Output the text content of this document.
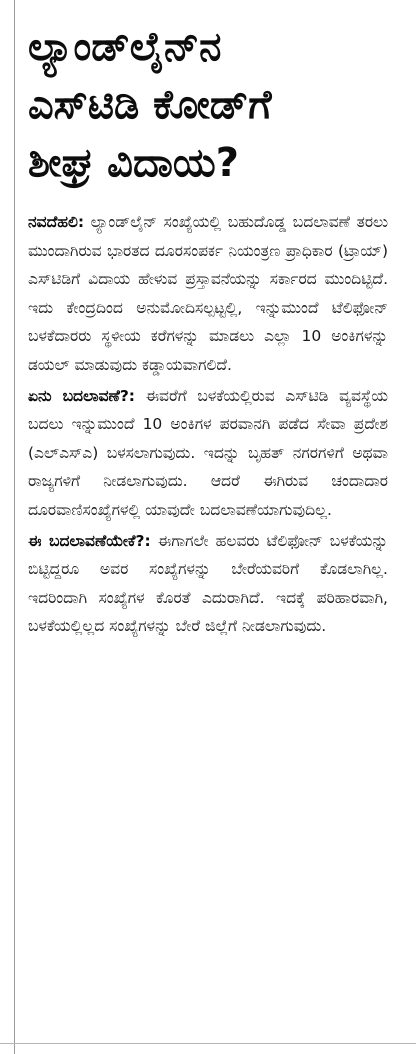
ಲ್ಯಾಂಡ್‌ಲೈನ್‌ನ
ಎಸ್‌ಟಿಡಿ ಕೋಡ್‌ಗೆ
ಶೀಘ್ರ ವಿದಾಯ?

ನವದೆಹಲಿ: ಲ್ಯಾಂಡ್‌ಲೈನ್ ಸಂಖ್ಯೆಯಲ್ಲಿ ಬಹುದೊಡ್ಡ ಬದಲಾವಣೆ ತರಲು ಮುಂದಾಗಿರುವ ಭಾರತದ ದೂರಸಂಪರ್ಕ ನಿಯಂತ್ರಣ ಪ್ರಾಧಿಕಾರ (ಟ್ರಾಯ್) ಎಸ್‌ಟಿಡಿಗೆ ವಿದಾಯ ಹೇಳುವ ಪ್ರಸ್ತಾವನೆಯನ್ನು ಸರ್ಕಾರದ ಮುಂದಿಟ್ಟಿದೆ. ಇದು ಕೇಂದ್ರದಿಂದ ಅನುಮೋದಿಸಲ್ಪಟ್ಟಲ್ಲಿ, ಇನ್ನುಮುಂದೆ ಟೆಲಿಫೋನ್ ಬಳಕೆದಾರರು ಸ್ಥಳೀಯ ಕರೆಗಳನ್ನು ಮಾಡಲು ಎಲ್ಲಾ 10 ಅಂಕಿಗಳನ್ನು ಡಯಲ್ ಮಾಡುವುದು ಕಡ್ಡಾಯವಾಗಲಿದೆ.

ಏನು ಬದಲಾವಣೆ?: ಈವರೆಗೆ ಬಳಕೆಯಲ್ಲಿರುವ ಎಸ್‌ಟಿಡಿ ವ್ಯವಸ್ಥೆಯ ಬದಲು ಇನ್ನುಮುಂದೆ 10 ಅಂಕಿಗಳ ಪರವಾನಗಿ ಪಡೆದ ಸೇವಾ ಪ್ರದೇಶ (ಎಲ್‌ಎಸ್‌ಎ) ಬಳಸಲಾಗುವುದು. ಇದನ್ನು ಬೃಹತ್ ನಗರಗಳಿಗೆ ಅಥವಾ ರಾಜ್ಯಗಳಿಗೆ ನೀಡಲಾಗುವುದು. ಆದರೆ ಈಗಿರುವ ಚಂದಾದಾರ ದೂರವಾಣಿಸಂಖ್ಯೆಗಳಲ್ಲಿ ಯಾವುದೇ ಬದಲಾವಣೆಯಾಗುವುದಿಲ್ಲ.

ಈ ಬದಲಾವಣೆಯೇಕೆ?: ಈಗಾಗಲೇ ಹಲವರು ಟೆಲಿಫೋನ್ ಬಳಕೆಯನ್ನು ಬಿಟ್ಟಿದ್ದರೂ ಅವರ ಸಂಖ್ಯೆಗಳನ್ನು ಬೇರೆಯವರಿಗೆ ಕೊಡಲಾಗಿಲ್ಲ. ಇದರಿಂದಾಗಿ ಸಂಖ್ಯೆಗಳ ಕೊರತೆ ಎದುರಾಗಿದೆ. ಇದಕ್ಕೆ ಪರಿಹಾರವಾಗಿ, ಬಳಕೆಯಲ್ಲಿಲ್ಲದ ಸಂಖ್ಯೆಗಳನ್ನು ಬೇರೆ ಜಿಲ್ಲೆಗೆ ನೀಡಲಾಗುವುದು.
